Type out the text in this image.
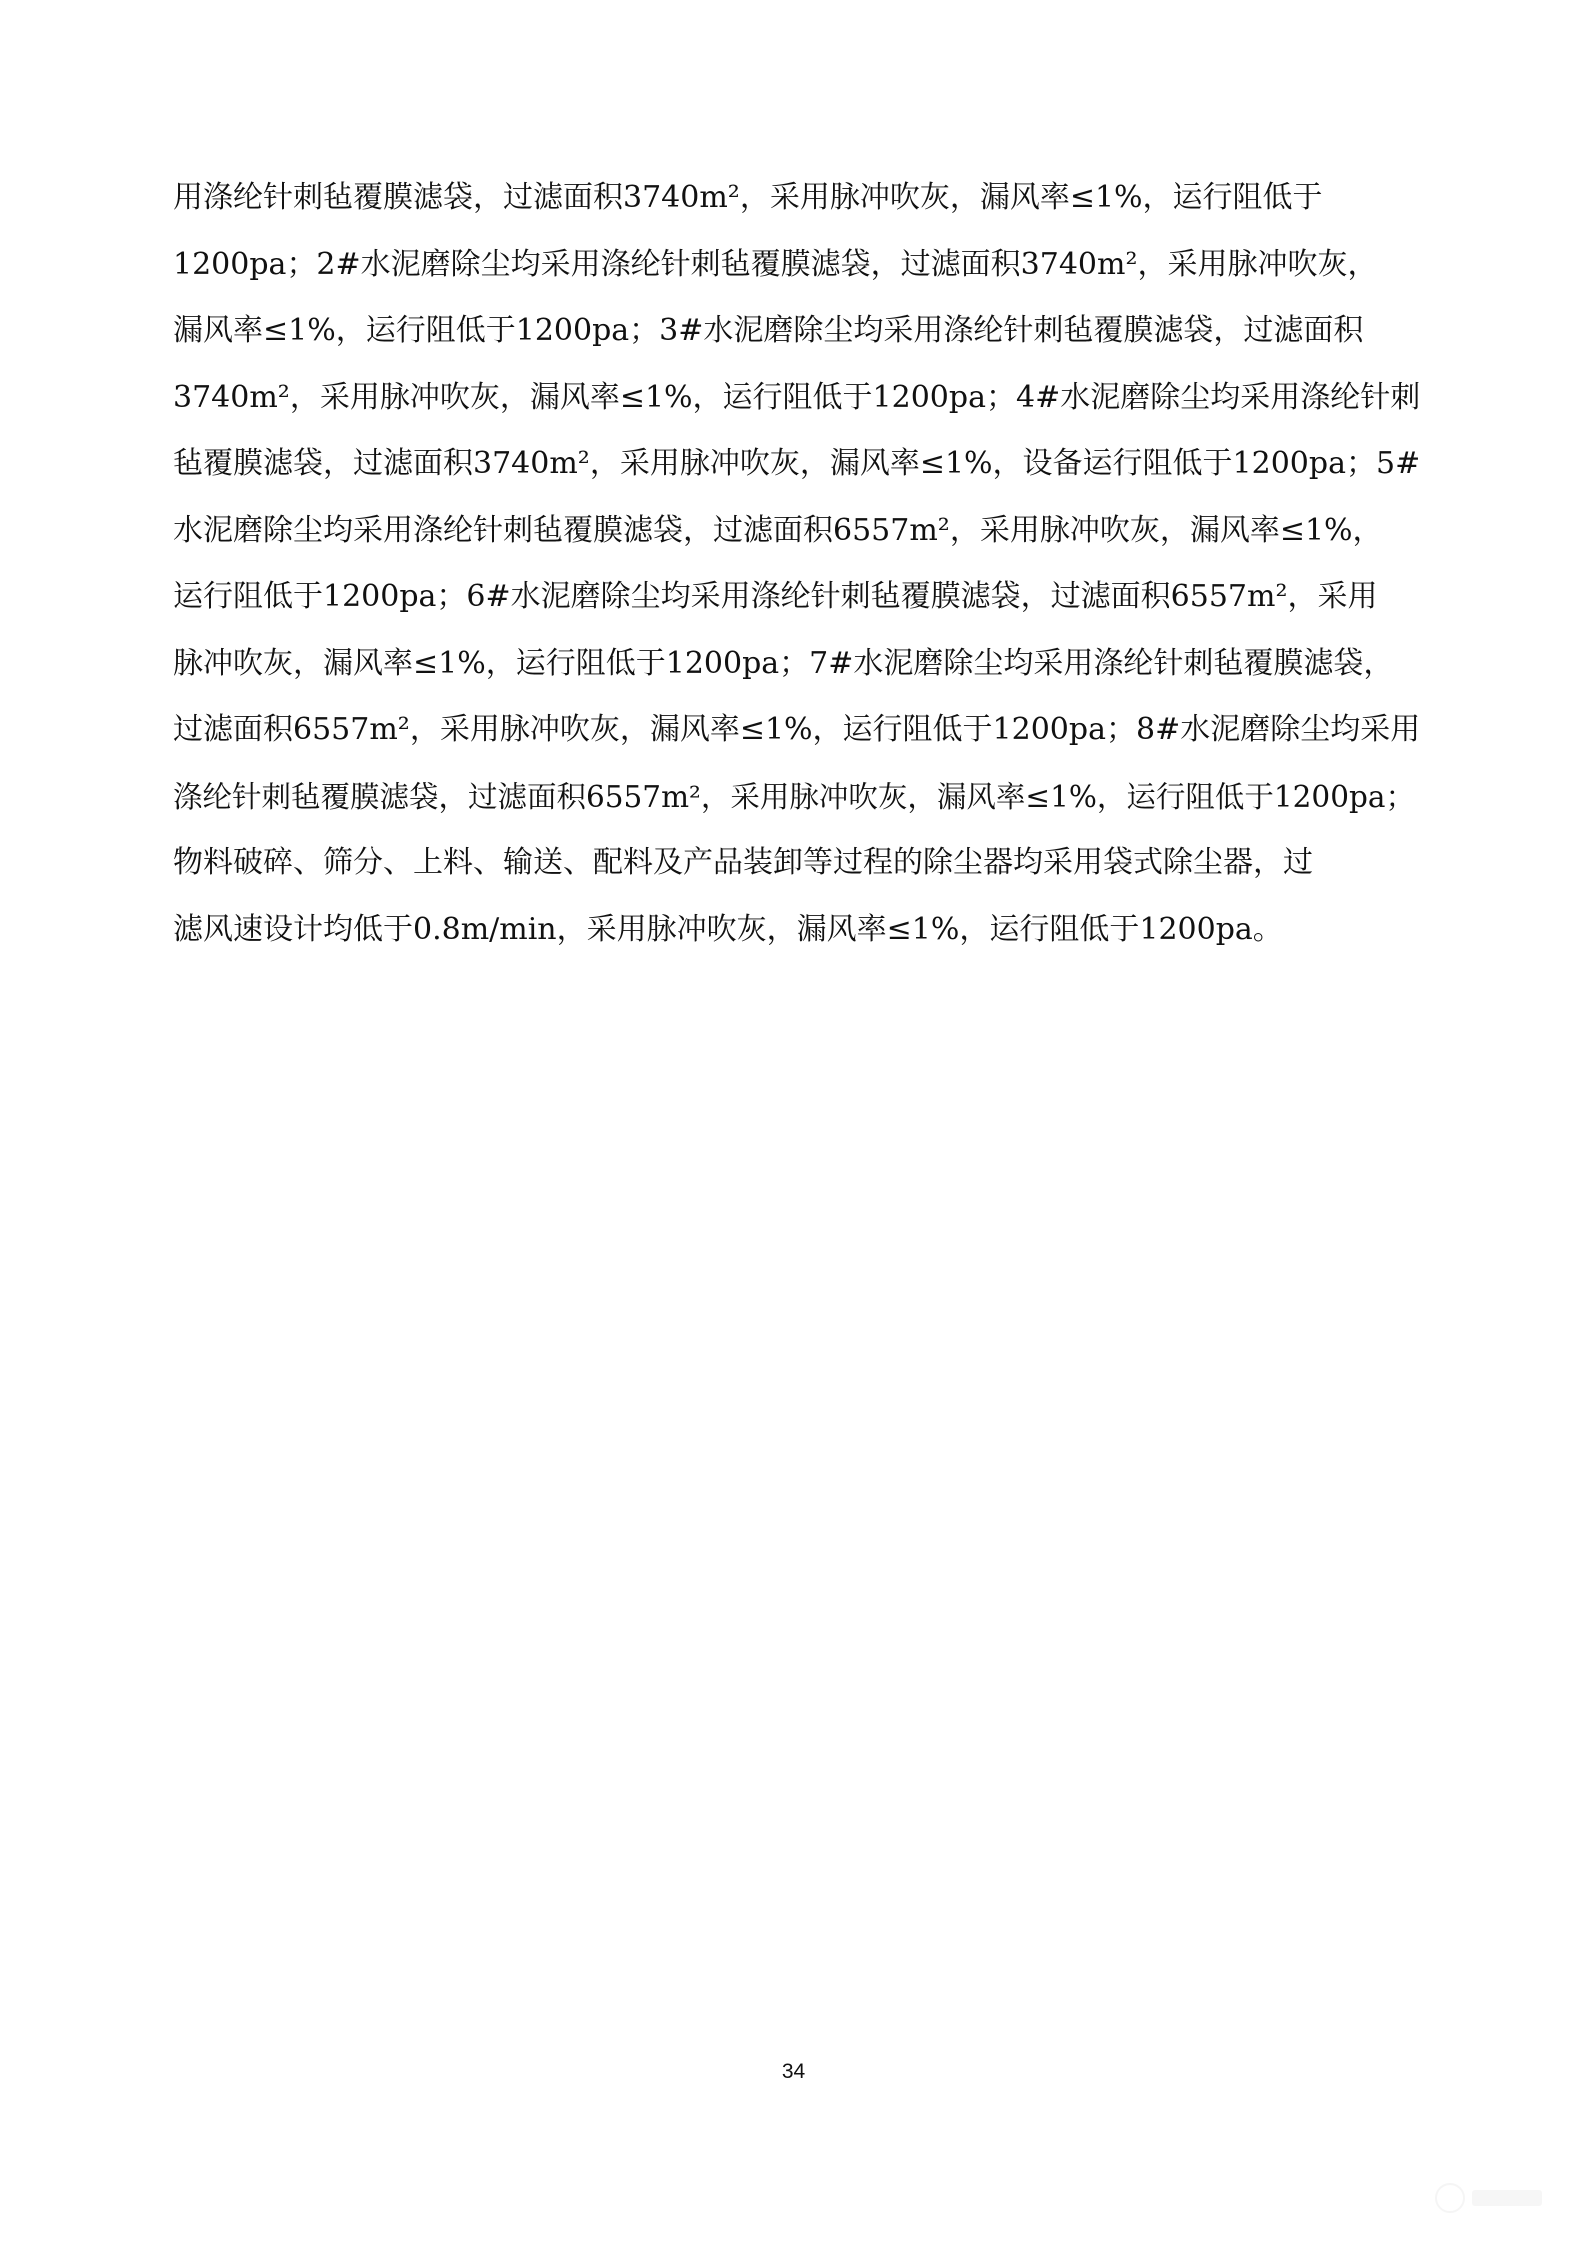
用涤纶针刺毡覆膜滤袋，过滤面积3740m²，采用脉冲吹灰，漏风率≤1%，运行阻低于
1200pa；2#水泥磨除尘均采用涤纶针刺毡覆膜滤袋，过滤面积3740m²，采用脉冲吹灰，
漏风率≤1%，运行阻低于1200pa；3#水泥磨除尘均采用涤纶针刺毡覆膜滤袋，过滤面积
3740m²，采用脉冲吹灰，漏风率≤1%，运行阻低于1200pa；4#水泥磨除尘均采用涤纶针刺
毡覆膜滤袋，过滤面积3740m²，采用脉冲吹灰，漏风率≤1%，设备运行阻低于1200pa；5#
水泥磨除尘均采用涤纶针刺毡覆膜滤袋，过滤面积6557m²，采用脉冲吹灰，漏风率≤1%，
运行阻低于1200pa；6#水泥磨除尘均采用涤纶针刺毡覆膜滤袋，过滤面积6557m²，采用
脉冲吹灰，漏风率≤1%，运行阻低于1200pa；7#水泥磨除尘均采用涤纶针刺毡覆膜滤袋，
过滤面积6557m²，采用脉冲吹灰，漏风率≤1%，运行阻低于1200pa；8#水泥磨除尘均采用
涤纶针刺毡覆膜滤袋，过滤面积6557m²，采用脉冲吹灰，漏风率≤1%，运行阻低于1200pa；
物料破碎、筛分、上料、输送、配料及产品装卸等过程的除尘器均采用袋式除尘器，过
滤风速设计均低于0.8m/min，采用脉冲吹灰，漏风率≤1%，运行阻低于1200pa。
34
